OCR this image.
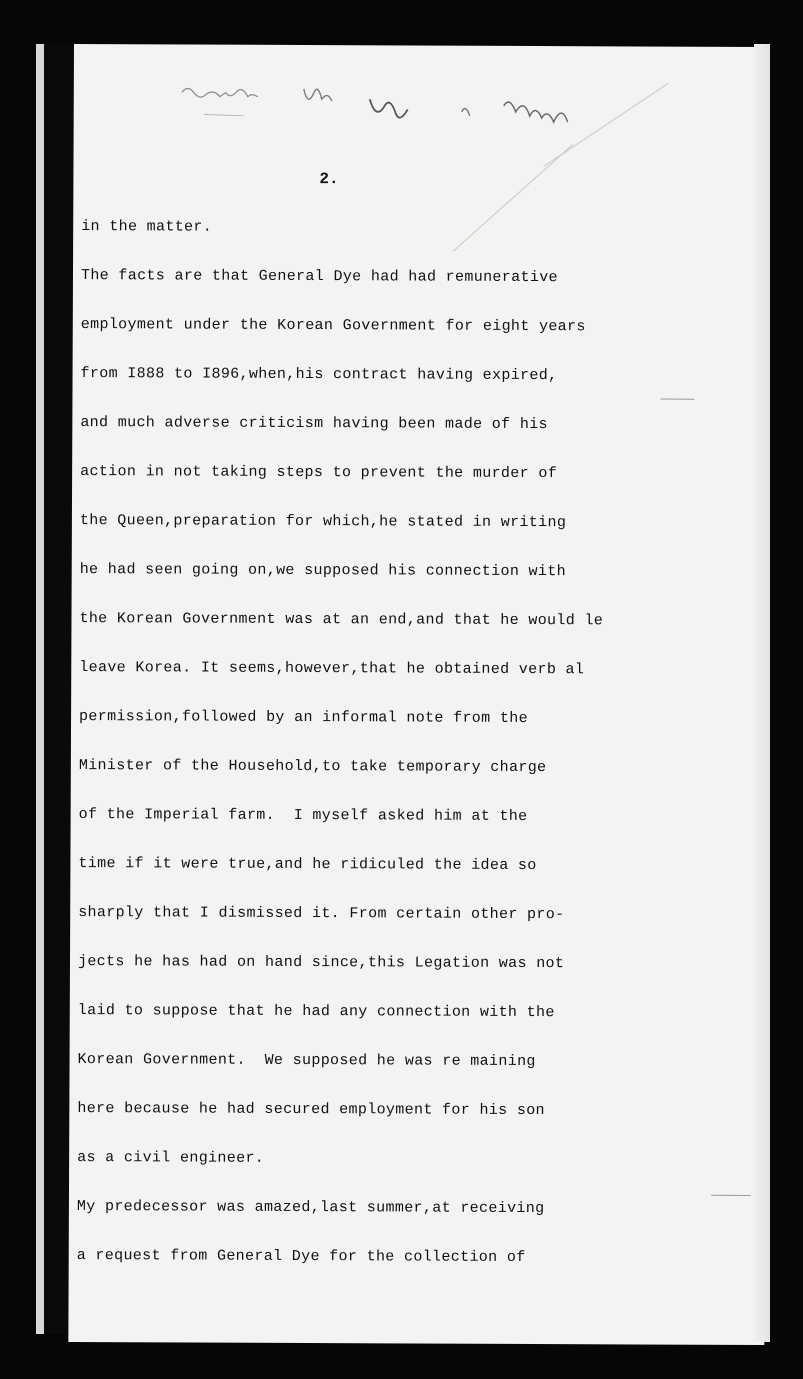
2.
in the matter.
The facts are that General Dye had had remunerative
employment under the Korean Government for eight years
from I888 to I896,when,his contract having expired,
and much adverse criticism having been made of his
action in not taking steps to prevent the murder of
the Queen,preparation for which,he stated in writing
he had seen going on,we supposed his connection with
the Korean Government was at an end,and that he would le
leave Korea. It seems,however,that he obtained verb al
permission,followed by an informal note from the
Minister of the Household,to take temporary charge
of the Imperial farm.  I myself asked him at the
time if it were true,and he ridiculed the idea so
sharply that I dismissed it. From certain other pro-
jects he has had on hand since,this Legation was not
laid to suppose that he had any connection with the
Korean Government.  We supposed he was re maining
here because he had secured employment for his son
as a civil engineer.
My predecessor was amazed,last summer,at receiving
a request from General Dye for the collection of
